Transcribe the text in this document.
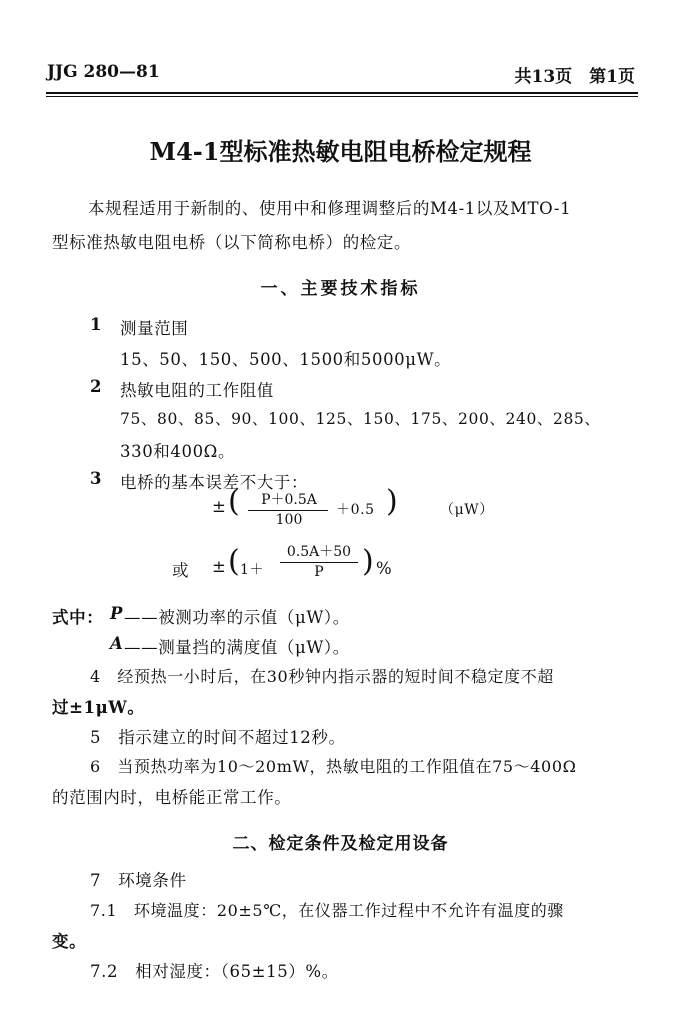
JJG 280—81	共13页　第1页
M4-1型标准热敏电阻电桥检定规程
本规程适用于新制的、使用中和修理调整后的M4-1以及MTO-1
型标准热敏电阻电桥（以下简称电桥）的检定。
一、主要技术指标
1 测量范围
15、50、150、500、1500和5000μW。
2 热敏电阻的工作阻值
75、80、85、90、100、125、150、175、200、240、285、
330和400Ω。
3 电桥的基本误差不大于：
± (	P＋0.5A
100
＋0.5 )	（μW）
或 ± ( 1＋
0.5A＋50
P	) %
式中： P ——被测功率的示值（μW）。
A ——测量挡的满度值（μW）。
4　经预热一小时后，在30秒钟内指示器的短时间不稳定度不超
过±1μW。
5　指示建立的时间不超过12秒。
6　当预热功率为10～20mW，热敏电阻的工作阻值在75～400Ω
的范围内时，电桥能正常工作。
二、检定条件及检定用设备
7　环境条件
7.1　环境温度：20±5℃，在仪器工作过程中不允许有温度的骤
变。
7.2　相对湿度：（65±15）%。
